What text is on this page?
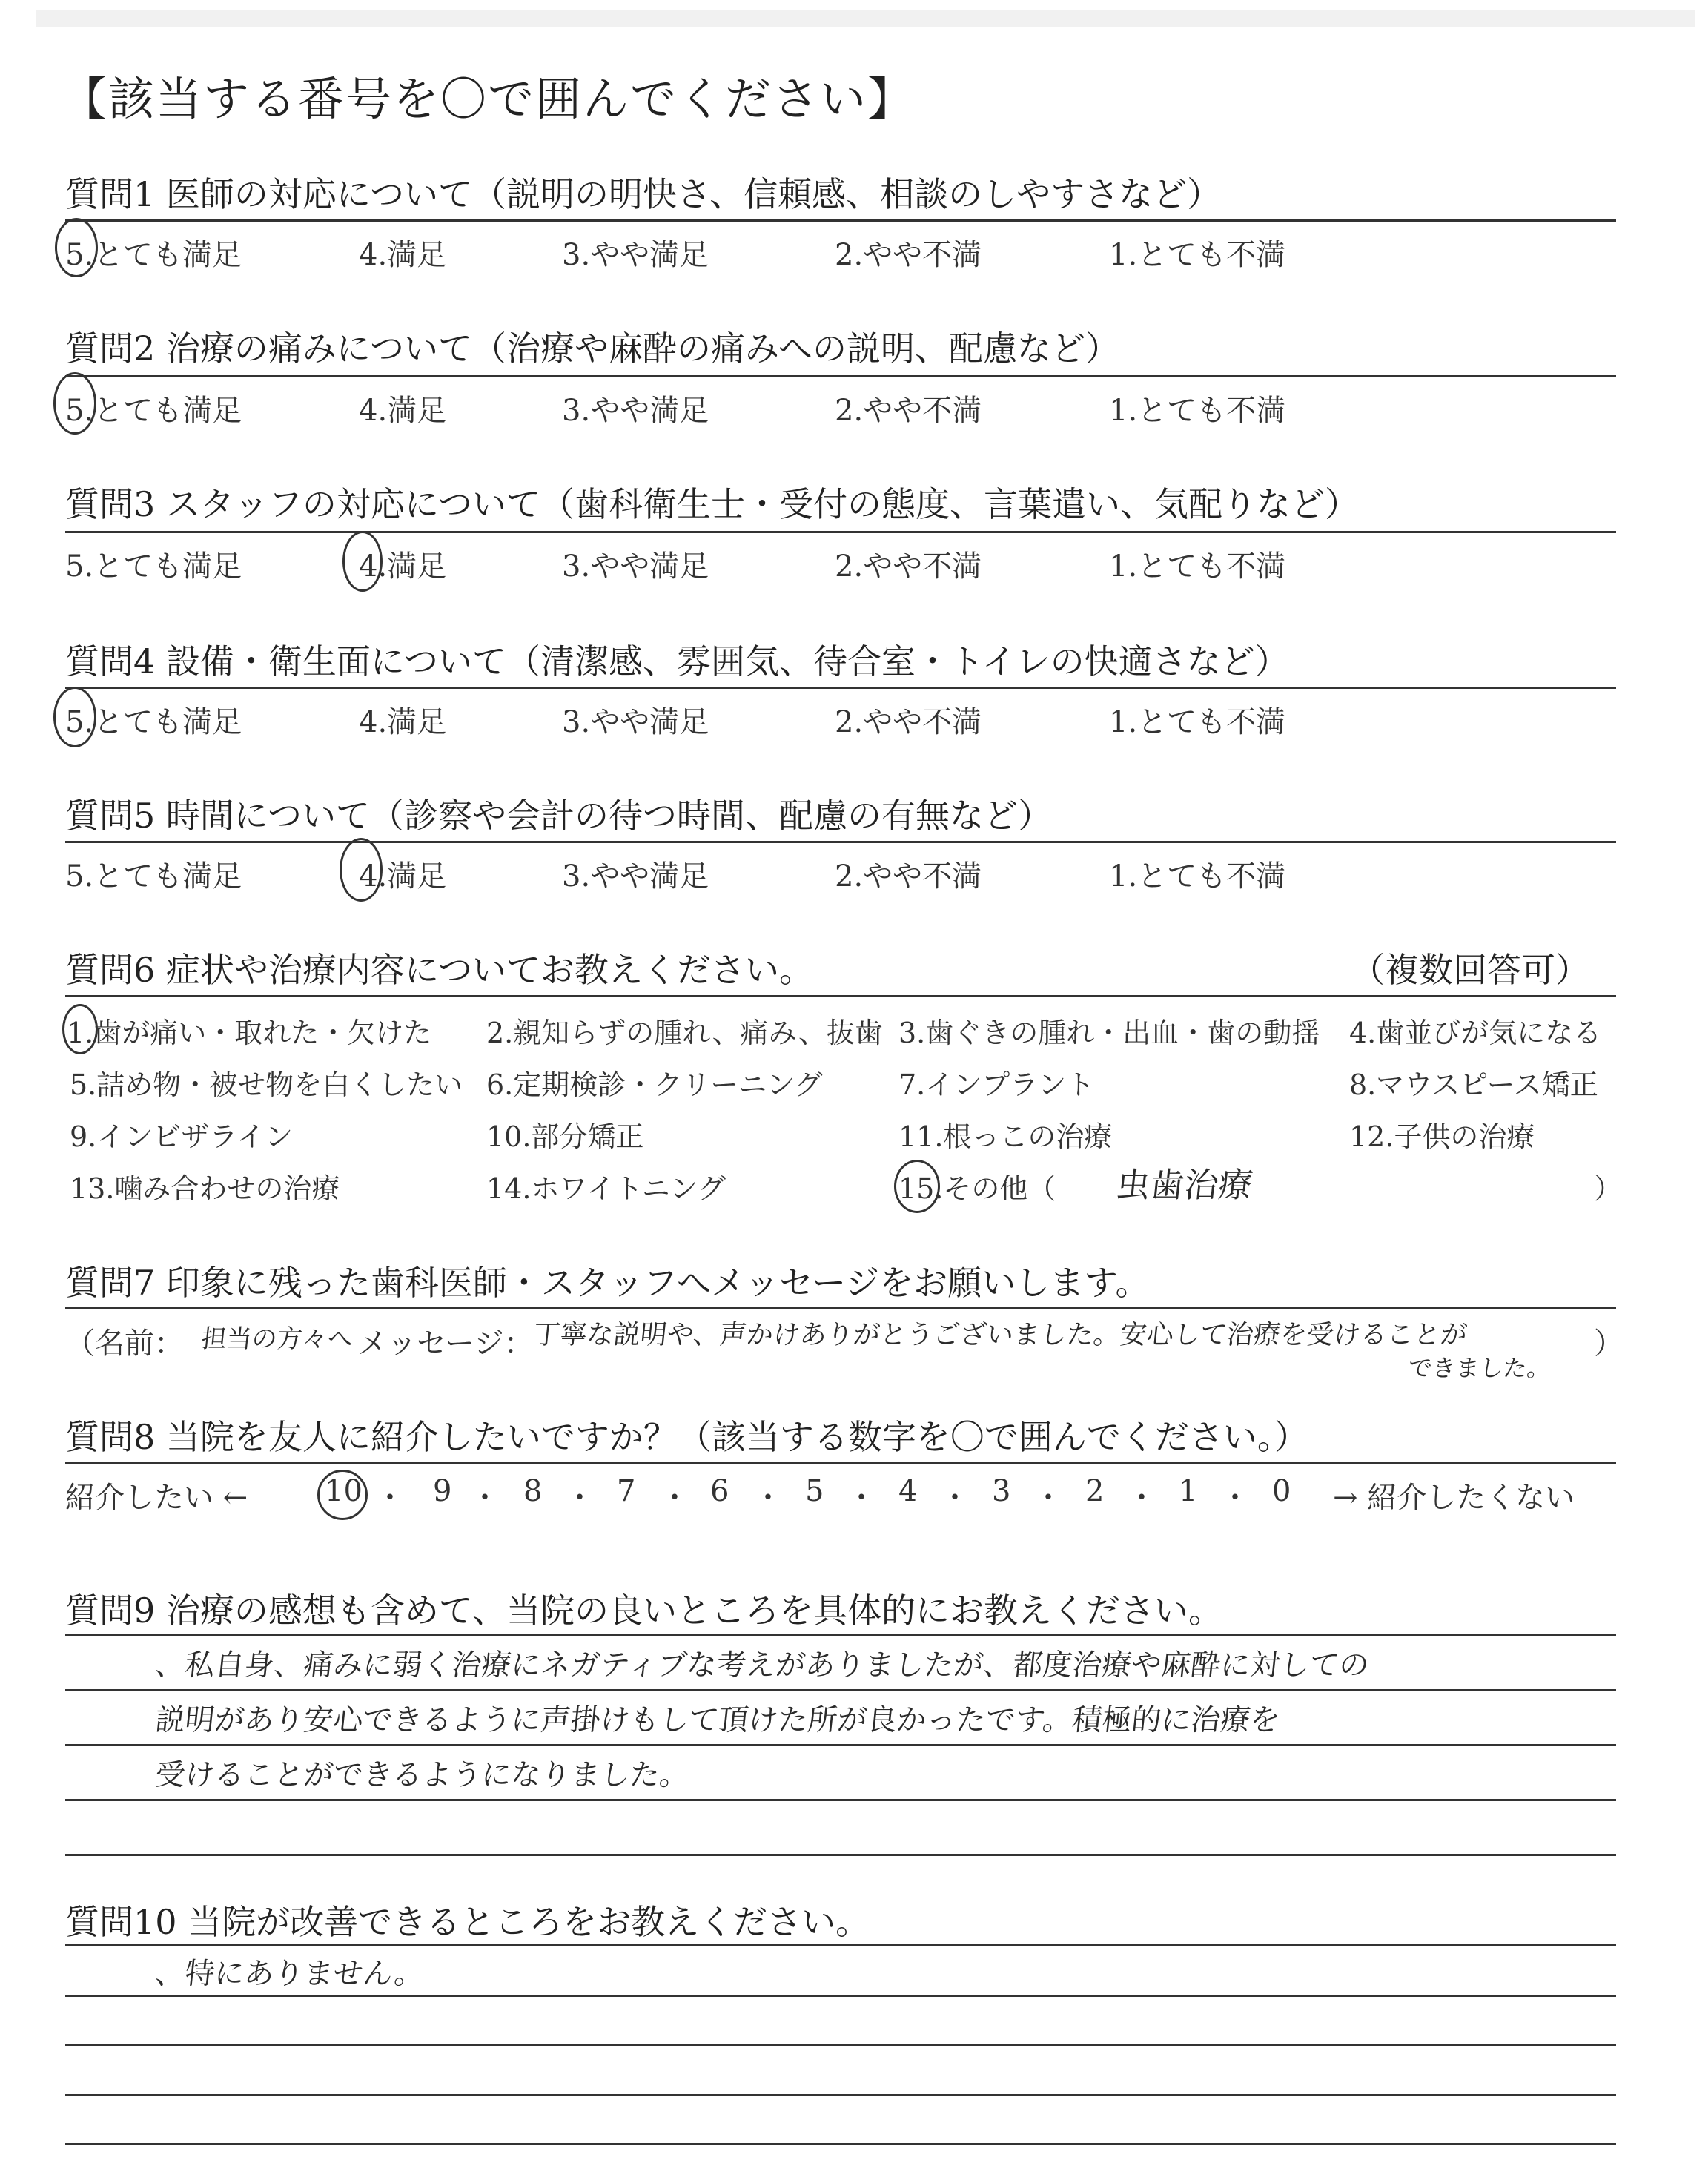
【該当する番号を〇で囲んでください】
質問1 医師の対応について（説明の明快さ、信頼感、相談のしやすさなど）
5.とても満足	4.満足	3.やや満足	2.やや不満	1.とても不満
質問2 治療の痛みについて（治療や麻酔の痛みへの説明、配慮など）
5.とても満足	4.満足	3.やや満足	2.やや不満	1.とても不満
質問3 スタッフの対応について（歯科衛生士・受付の態度、言葉遣い、気配りなど）
5.とても満足	4.満足	3.やや満足	2.やや不満	1.とても不満
質問4 設備・衛生面について（清潔感、雰囲気、待合室・トイレの快適さなど）
5.とても満足	4.満足	3.やや満足	2.やや不満	1.とても不満
質問5 時間について（診察や会計の待つ時間、配慮の有無など）
5.とても満足	4.満足	3.やや満足	2.やや不満	1.とても不満
質問6 症状や治療内容についてお教えください。	（複数回答可）
1.歯が痛い・取れた・欠けた 2.親知らずの腫れ、痛み、抜歯 3.歯ぐきの腫れ・出血・歯の動揺 4.歯並びが気になる
5.詰め物・被せ物を白くしたい 6.定期検診・クリーニング	7.インプラント	8.マウスピース矯正
9.インビザライン	10.部分矯正	11.根っこの治療	12.子供の治療
13.噛み合わせの治療	14.ホワイトニング	15.その他（ 虫歯治療	）
質問7 印象に残った歯科医師・スタッフへメッセージをお願いします。
（名前： 担当の方々へ メッセージ：
丁寧な説明や、声かけありがとうございました。安心して治療を受けることが
できました。
）
質問8 当院を友人に紹介したいですか？（該当する数字を〇で囲んでください。）
紹介したい ←	10 ・ 9 ・ 8 ・ 7 ・ 6 ・ 5 ・ 4 ・ 3 ・ 2 ・ 1 ・ 0 → 紹介したくない
質問9 治療の感想も含めて、当院の良いところを具体的にお教えください。
、私自身、痛みに弱く治療にネガティブな考えがありましたが、都度治療や麻酔に対しての
説明があり安心できるように声掛けもして頂けた所が良かったです。積極的に治療を
受けることができるようになりました。
質問10 当院が改善できるところをお教えください。
、特にありません。
